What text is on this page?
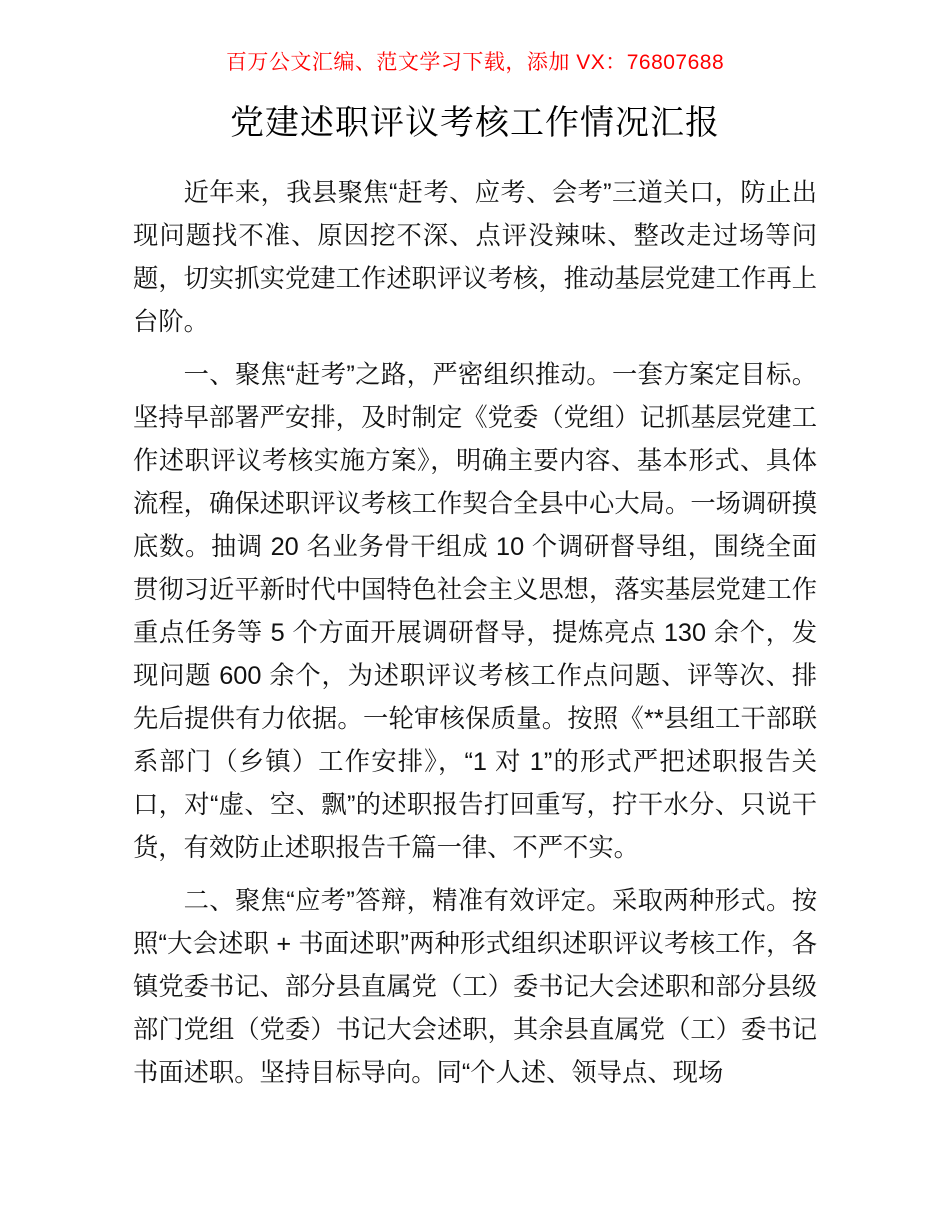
百万公文汇编、范文学习下载，添加 VX：76807688
党建述职评议考核工作情况汇报

近年来，我县聚焦“赶考、应考、会考”三道关口，防止出现问题找不准、原因挖不深、点评没辣味、整改走过场等问题，切实抓实党建工作述职评议考核，推动基层党建工作再上台阶。

一、聚焦“赶考”之路，严密组织推动。一套方案定目标。坚持早部署严安排，及时制定《党委（党组）记抓基层党建工作述职评议考核实施方案》，明确主要内容、基本形式、具体流程，确保述职评议考核工作契合全县中心大局。一场调研摸底数。抽调 20 名业务骨干组成 10 个调研督导组，围绕全面贯彻习近平新时代中国特色社会主义思想，落实基层党建工作重点任务等 5 个方面开展调研督导，提炼亮点 130 余个，发现问题 600 余个，为述职评议考核工作点问题、评等次、排先后提供有力依据。一轮审核保质量。按照《**县组工干部联系部门（乡镇）工作安排》，“1 对 1”的形式严把述职报告关口，对“虚、空、飘”的述职报告打回重写，拧干水分、只说干货，有效防止述职报告千篇一律、不严不实。

二、聚焦“应考”答辩，精准有效评定。采取两种形式。按照“大会述职 + 书面述职”两种形式组织述职评议考核工作，各镇党委书记、部分县直属党（工）委书记大会述职和部分县级部门党组（党委）书记大会述职，其余县直属党（工）委书记书面述职。坚持目标导向。同“个人述、领导点、现场
